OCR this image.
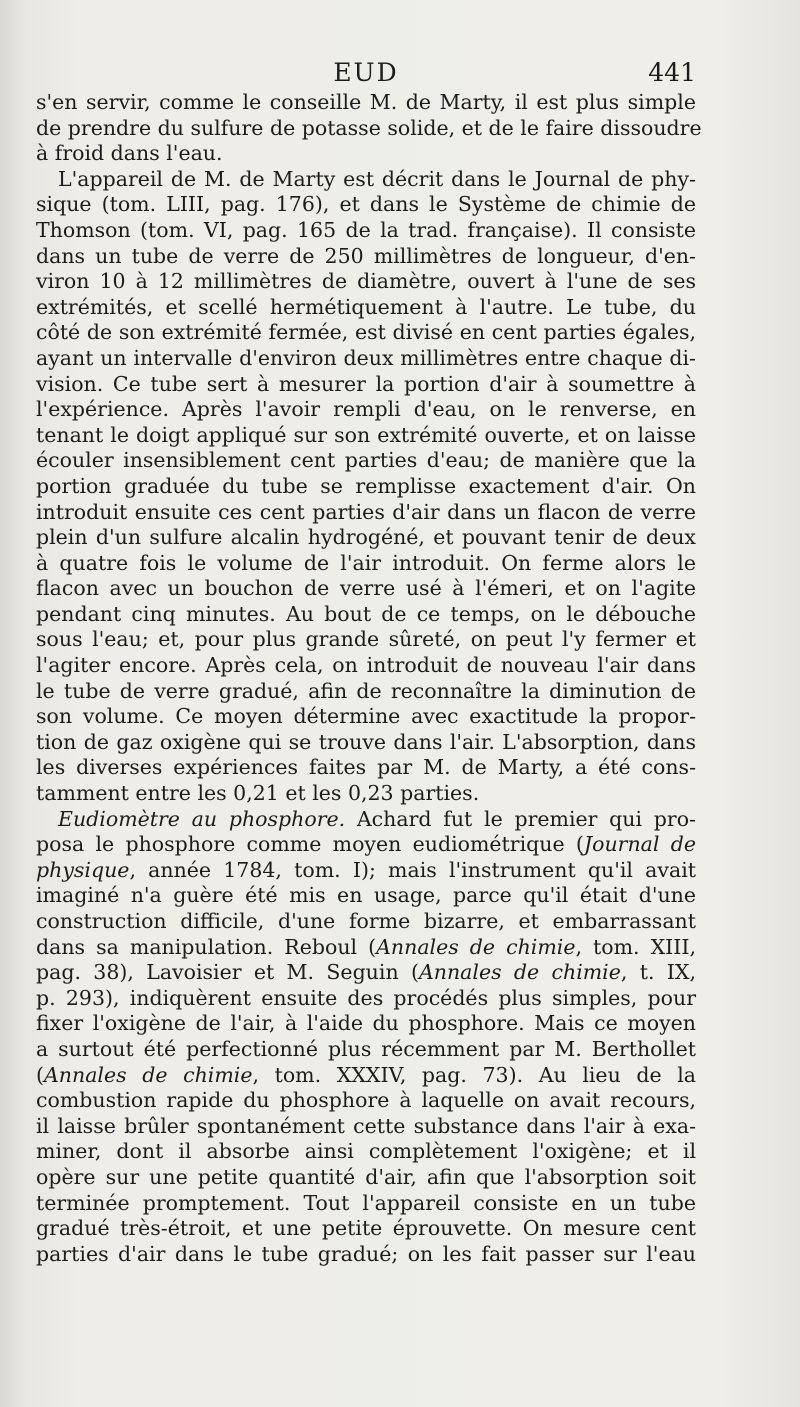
EUD	441
s'en servir, comme le conseille M. de Marty, il est plus simple
de prendre du sulfure de potasse solide, et de le faire dissoudre
à froid dans l'eau.
L'appareil de M. de Marty est décrit dans le Journal de phy-
sique (tom. LIII, pag. 176), et dans le Système de chimie de
Thomson (tom. VI, pag. 165 de la trad. française). Il consiste
dans un tube de verre de 250 millimètres de longueur, d'en-
viron 10 à 12 millimètres de diamètre, ouvert à l'une de ses
extrémités, et scellé hermétiquement à l'autre. Le tube, du
côté de son extrémité fermée, est divisé en cent parties égales,
ayant un intervalle d'environ deux millimètres entre chaque di-
vision. Ce tube sert à mesurer la portion d'air à soumettre à
l'expérience. Après l'avoir rempli d'eau, on le renverse, en
tenant le doigt appliqué sur son extrémité ouverte, et on laisse
écouler insensiblement cent parties d'eau; de manière que la
portion graduée du tube se remplisse exactement d'air. On
introduit ensuite ces cent parties d'air dans un flacon de verre
plein d'un sulfure alcalin hydrogéné, et pouvant tenir de deux
à quatre fois le volume de l'air introduit. On ferme alors le
flacon avec un bouchon de verre usé à l'émeri, et on l'agite
pendant cinq minutes. Au bout de ce temps, on le débouche
sous l'eau; et, pour plus grande sûreté, on peut l'y fermer et
l'agiter encore. Après cela, on introduit de nouveau l'air dans
le tube de verre gradué, afin de reconnaître la diminution de
son volume. Ce moyen détermine avec exactitude la propor-
tion de gaz oxigène qui se trouve dans l'air. L'absorption, dans
les diverses expériences faites par M. de Marty, a été cons-
tamment entre les 0,21 et les 0,23 parties.
Eudiomètre au phosphore. Achard fut le premier qui pro-
posa le phosphore comme moyen eudiométrique (Journal de
physique, année 1784, tom. I); mais l'instrument qu'il avait
imaginé n'a guère été mis en usage, parce qu'il était d'une
construction difficile, d'une forme bizarre, et embarrassant
dans sa manipulation. Reboul (Annales de chimie, tom. XIII,
pag. 38), Lavoisier et M. Seguin (Annales de chimie, t. IX,
p. 293), indiquèrent ensuite des procédés plus simples, pour
fixer l'oxigène de l'air, à l'aide du phosphore. Mais ce moyen
a surtout été perfectionné plus récemment par M. Berthollet
(Annales de chimie, tom. XXXIV, pag. 73). Au lieu de la
combustion rapide du phosphore à laquelle on avait recours,
il laisse brûler spontanément cette substance dans l'air à exa-
miner, dont il absorbe ainsi complètement l'oxigène; et il
opère sur une petite quantité d'air, afin que l'absorption soit
terminée promptement. Tout l'appareil consiste en un tube
gradué très-étroit, et une petite éprouvette. On mesure cent
parties d'air dans le tube gradué; on les fait passer sur l'eau
